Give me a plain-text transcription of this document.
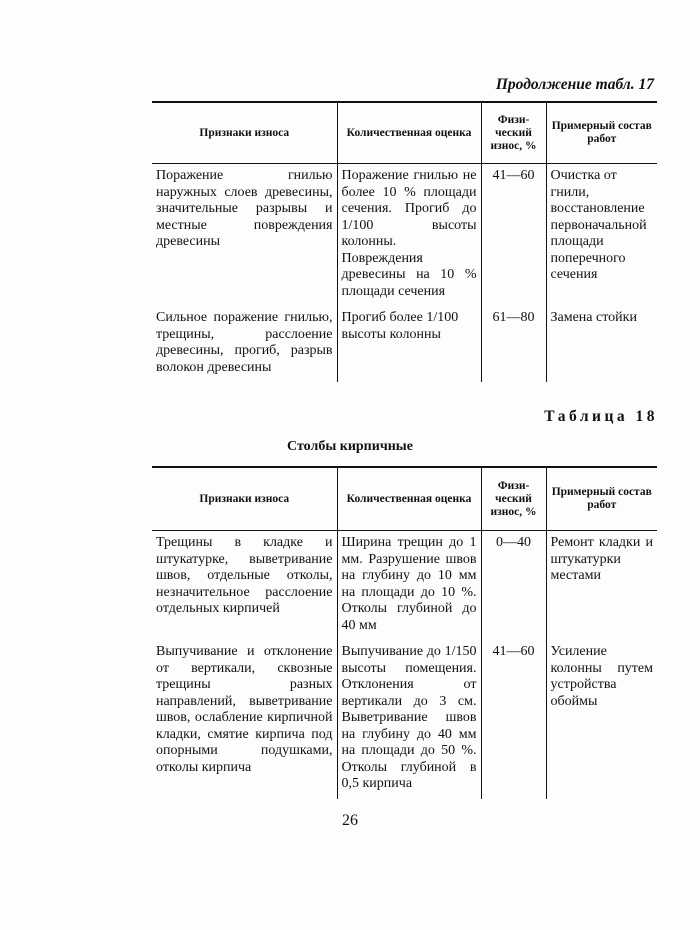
Продолжение табл. 17
Признаки износа	Количественная оценка	Физи-ческий износ, %	Примерный состав работ
Поражение гнилью наружных слоев древесины, значительные разрывы и местные повреждения древесины	Поражение гнилью не более 10 % площади сечения. Прогиб до 1/100 высоты колонны. Повреждения древесины на 10 % площади сечения	41—60	Очистка от гнили, восстановление первоначальной площади поперечного сечения
Сильное поражение гнилью, трещины, расслоение древесины, прогиб, разрыв волокон древесины	Прогиб более 1/100 высоты колонны	61—80	Замена стойки
Таблица 18
Столбы кирпичные
Признаки износа	Количественная оценка	Физи-ческий износ, %	Примерный состав работ
Трещины в кладке и штукатурке, выветривание швов, отдельные отколы, незначительное расслоение отдельных кирпичей	Ширина трещин до 1 мм. Разрушение швов на глубину до 10 мм на площади до 10 %. Отколы глубиной до 40 мм	0—40	Ремонт кладки и штукатурки местами
Выпучивание и отклонение от вертикали, сквозные трещины разных направлений, выветривание швов, ослабление кирпичной кладки, смятие кирпича под опорными подушками, отколы кирпича	Выпучивание до 1/150 высоты помещения. Отклонения от вертикали до 3 см. Выветривание швов на глубину до 40 мм на площади до 50 %. Отколы глубиной в 0,5 кирпича	41—60	Усиление колонны путем устройства обоймы
26
